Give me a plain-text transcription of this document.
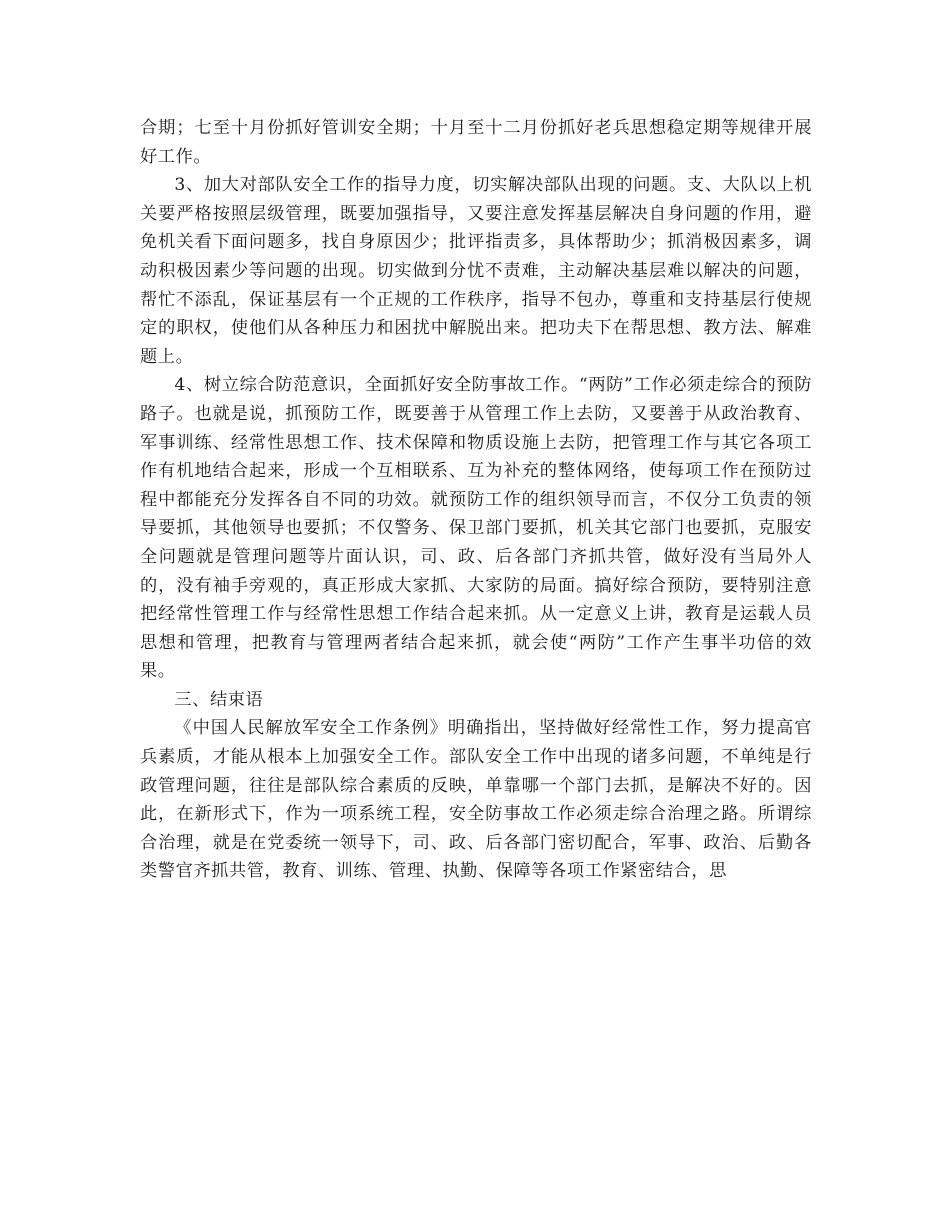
合期；七至十月份抓好管训安全期；十月至十二月份抓好老兵思想稳定期等规律开展好工作。

3、加大对部队安全工作的指导力度，切实解决部队出现的问题。支、大队以上机关要严格按照层级管理，既要加强指导，又要注意发挥基层解决自身问题的作用，避免机关看下面问题多，找自身原因少；批评指责多，具体帮助少；抓消极因素多，调动积极因素少等问题的出现。切实做到分忧不责难，主动解决基层难以解决的问题，帮忙不添乱，保证基层有一个正规的工作秩序，指导不包办，尊重和支持基层行使规定的职权，使他们从各种压力和困扰中解脱出来。把功夫下在帮思想、教方法、解难题上。

4、树立综合防范意识，全面抓好安全防事故工作。“两防”工作必须走综合的预防路子。也就是说，抓预防工作，既要善于从管理工作上去防，又要善于从政治教育、军事训练、经常性思想工作、技术保障和物质设施上去防，把管理工作与其它各项工作有机地结合起来，形成一个互相联系、互为补充的整体网络，使每项工作在预防过程中都能充分发挥各自不同的功效。就预防工作的组织领导而言，不仅分工负责的领导要抓，其他领导也要抓；不仅警务、保卫部门要抓，机关其它部门也要抓，克服安全问题就是管理问题等片面认识，司、政、后各部门齐抓共管，做好没有当局外人的，没有袖手旁观的，真正形成大家抓、大家防的局面。搞好综合预防，要特别注意把经常性管理工作与经常性思想工作结合起来抓。从一定意义上讲，教育是运载人员思想和管理，把教育与管理两者结合起来抓，就会使“两防”工作产生事半功倍的效果。

三、结束语

《中国人民解放军安全工作条例》明确指出，坚持做好经常性工作，努力提高官兵素质，才能从根本上加强安全工作。部队安全工作中出现的诸多问题，不单纯是行政管理问题，往往是部队综合素质的反映，单靠哪一个部门去抓，是解决不好的。因此，在新形式下，作为一项系统工程，安全防事故工作必须走综合治理之路。所谓综合治理，就是在党委统一领导下，司、政、后各部门密切配合，军事、政治、后勤各类警官齐抓共管，教育、训练、管理、执勤、保障等各项工作紧密结合，思
